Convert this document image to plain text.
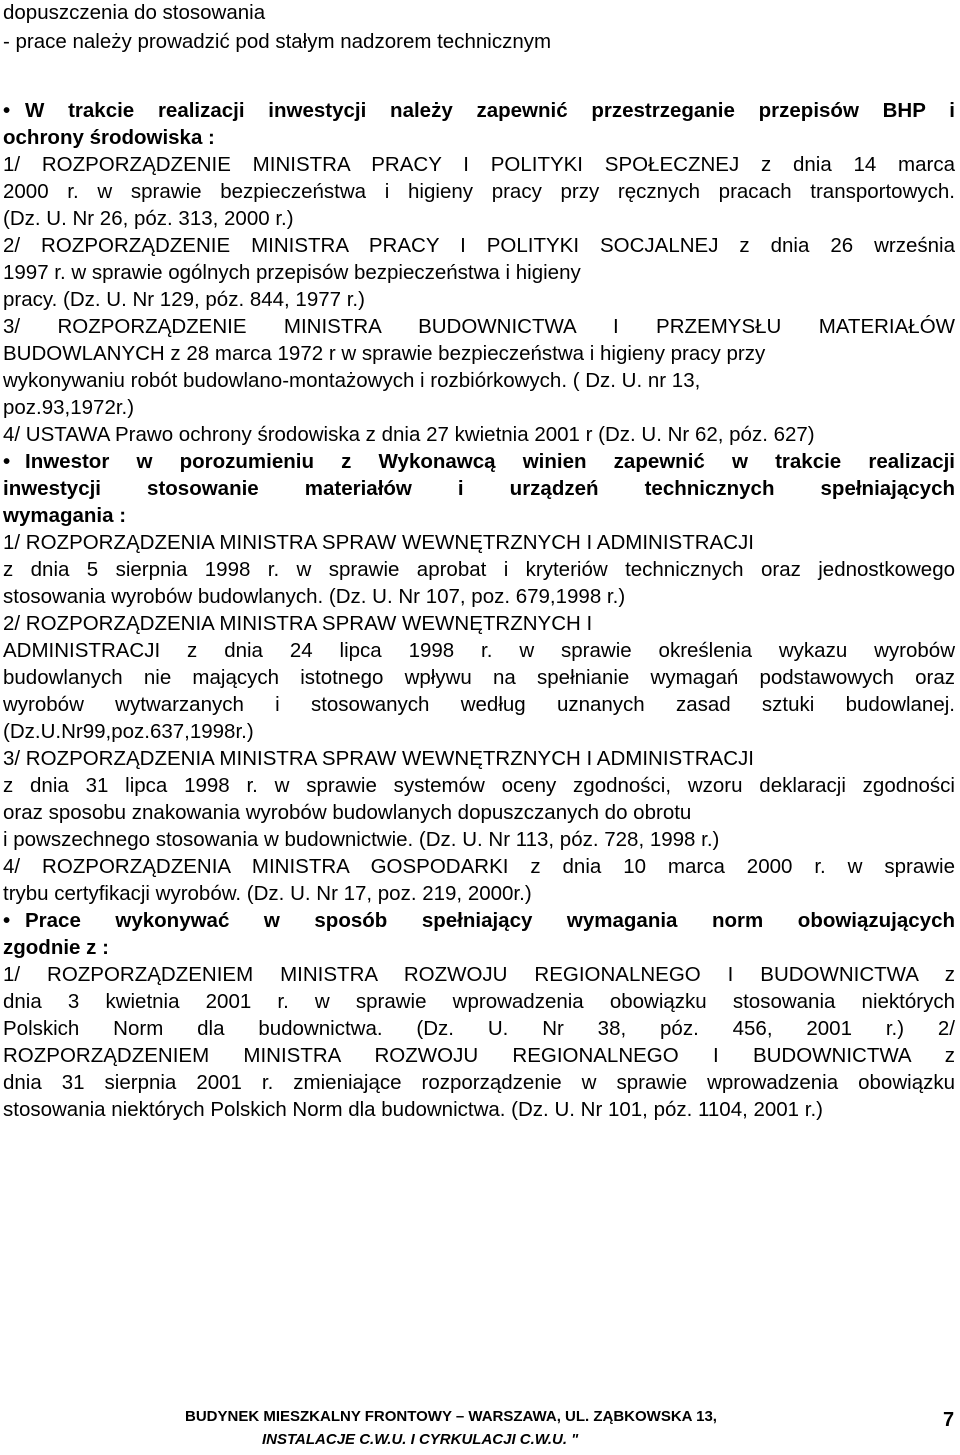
dopuszczenia do stosowania
- prace należy prowadzić pod stałym nadzorem technicznym
• W trakcie realizacji inwestycji należy zapewnić przestrzeganie przepisów BHP i
ochrony środowiska :
1/ ROZPORZĄDZENIE MINISTRA PRACY I POLITYKI SPOŁECZNEJ z dnia 14 marca
2000 r. w sprawie bezpieczeństwa i higieny pracy przy ręcznych pracach transportowych.
(Dz. U. Nr 26, póz. 313, 2000 r.)
2/ ROZPORZĄDZENIE MINISTRA PRACY I POLITYKI SOCJALNEJ z dnia 26 września
1997 r. w sprawie ogólnych przepisów bezpieczeństwa i higieny
pracy. (Dz. U. Nr 129, póz. 844, 1977 r.)
3/ ROZPORZĄDZENIE MINISTRA BUDOWNICTWA I PRZEMYSŁU MATERIAŁÓW
BUDOWLANYCH z 28 marca 1972 r w sprawie bezpieczeństwa i higieny pracy przy
wykonywaniu robót budowlano-montażowych i rozbiórkowych. ( Dz. U. nr 13,
poz.93,1972r.)
4/ USTAWA Prawo ochrony środowiska z dnia 27 kwietnia 2001 r (Dz. U. Nr 62, póz. 627)
• Inwestor w porozumieniu z Wykonawcą winien zapewnić w trakcie realizacji
inwestycji stosowanie materiałów i urządzeń technicznych spełniających
wymagania :
1/ ROZPORZĄDZENIA MINISTRA SPRAW WEWNĘTRZNYCH I ADMINISTRACJI
z dnia 5 sierpnia 1998 r. w sprawie aprobat i kryteriów technicznych oraz jednostkowego
stosowania wyrobów budowlanych. (Dz. U. Nr 107, poz. 679,1998 r.)
2/ ROZPORZĄDZENIA MINISTRA SPRAW WEWNĘTRZNYCH I
ADMINISTRACJI z dnia 24 lipca 1998 r. w sprawie określenia wykazu wyrobów
budowlanych nie mających istotnego wpływu na spełnianie wymagań podstawowych oraz
wyrobów wytwarzanych i stosowanych według uznanych zasad sztuki budowlanej.
(Dz.U.Nr99,poz.637,1998r.)
3/ ROZPORZĄDZENIA MINISTRA SPRAW WEWNĘTRZNYCH I ADMINISTRACJI
z dnia 31 lipca 1998 r. w sprawie systemów oceny zgodności, wzoru deklaracji zgodności
oraz sposobu znakowania wyrobów budowlanych dopuszczanych do obrotu
i powszechnego stosowania w budownictwie. (Dz. U. Nr 113, póz. 728, 1998 r.)
4/ ROZPORZĄDZENIA MINISTRA GOSPODARKI z dnia 10 marca 2000 r. w sprawie
trybu certyfikacji wyrobów. (Dz. U. Nr 17, poz. 219, 2000r.)
• Prace wykonywać w sposób spełniający wymagania norm obowiązujących
zgodnie z :
1/ ROZPORZĄDZENIEM MINISTRA ROZWOJU REGIONALNEGO I BUDOWNICTWA z
dnia 3 kwietnia 2001 r. w sprawie wprowadzenia obowiązku stosowania niektórych
Polskich Norm dla budownictwa. (Dz. U. Nr 38, póz. 456, 2001 r.) 2/
ROZPORZĄDZENIEM MINISTRA ROZWOJU REGIONALNEGO I BUDOWNICTWA z
dnia 31 sierpnia 2001 r. zmieniające rozporządzenie w sprawie wprowadzenia obowiązku
stosowania niektórych Polskich Norm dla budownictwa. (Dz. U. Nr 101, póz. 1104, 2001 r.)
BUDYNEK MIESZKALNY FRONTOWY – WARSZAWA, UL. ZĄBKOWSKA 13,
INSTALACJE C.W.U. I CYRKULACJI C.W.U. "
7
